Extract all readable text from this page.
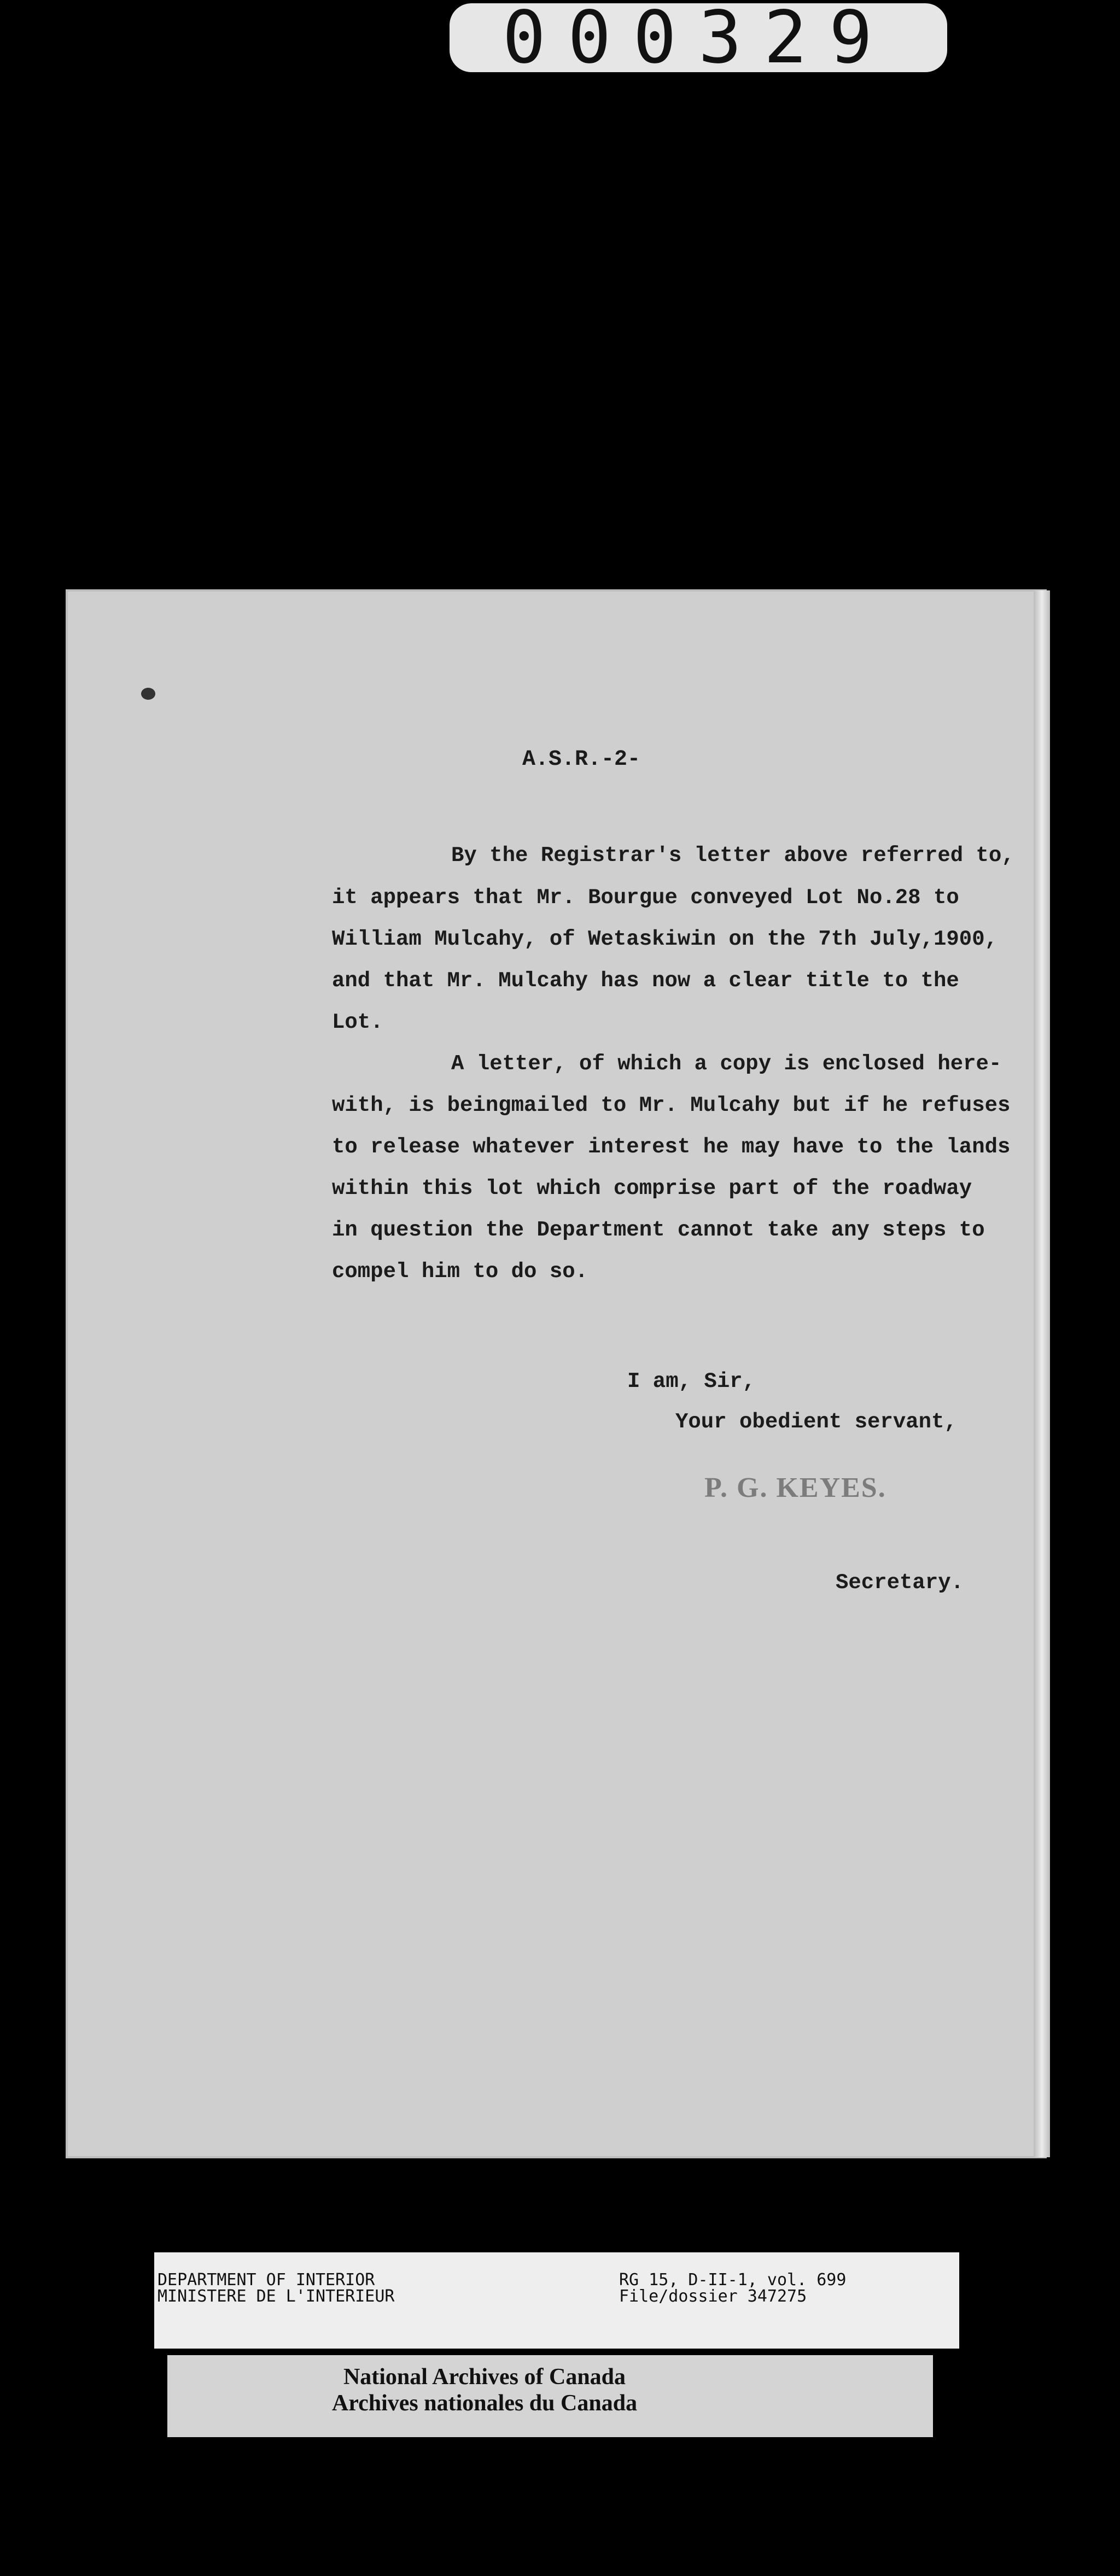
000329
A.S.R.-2-
By the Registrar's letter above referred to,
it appears that Mr. Bourgue conveyed Lot No.28 to
William Mulcahy, of Wetaskiwin on the 7th July,1900,
and that Mr. Mulcahy has now a clear title to the
Lot.
A letter, of which a copy is enclosed here-
with, is beingmailed to Mr. Mulcahy but if he refuses
to release whatever interest he may have to the lands
within this lot which comprise part of the roadway
in question the Department cannot take any steps to
compel him to do so.
I am, Sir,
Your obedient servant,
P. G. KEYES.
Secretary.
DEPARTMENT OF INTERIOR
MINISTERE DE L'INTERIEUR
RG 15, D-II-1, vol. 699
File/dossier 347275
National Archives of Canada
Archives nationales du Canada
